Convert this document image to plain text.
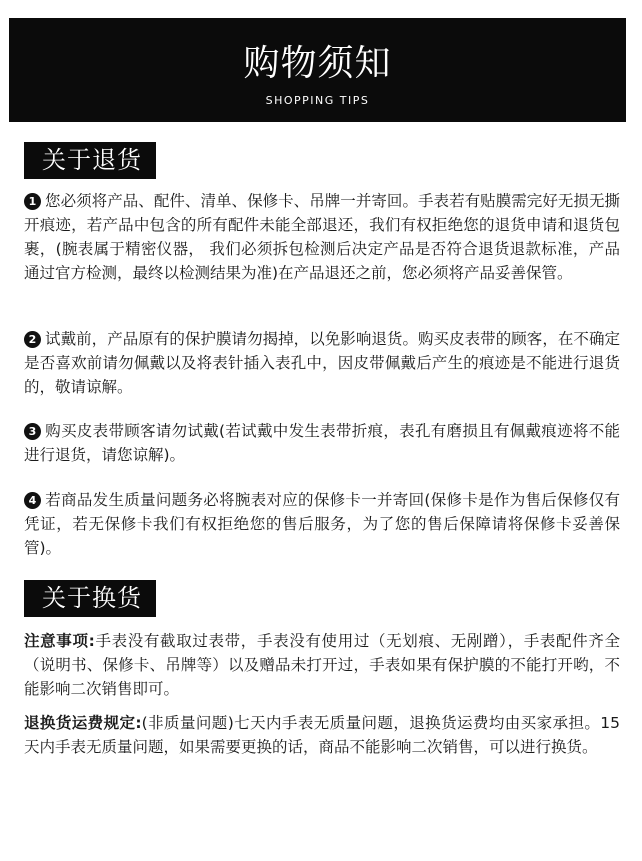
购物须知
SHOPPING TIPS
关于退货

1 您必须将产品、配件、清单、保修卡、吊牌一并寄回。手表若有贴膜需完好无损无撕开痕迹，若产品中包含的所有配件未能全部退还，我们有权拒绝您的退货申请和退货包裹，(腕表属于精密仪器， 我们必须拆包检测后决定产品是否符合退货退款标准，产品通过官方检测，最终以检测结果为准)在产品退还之前，您必须将产品妥善保管。

2 试戴前，产品原有的保护膜请勿揭掉，以免影响退货。购买皮表带的顾客，在不确定是否喜欢前请勿佩戴以及将表针插入表孔中，因皮带佩戴后产生的痕迹是不能进行退货的，敬请谅解。

3 购买皮表带顾客请勿试戴(若试戴中发生表带折痕，表孔有磨损且有佩戴痕迹将不能进行退货，请您谅解)。

4 若商品发生质量问题务必将腕表对应的保修卡一并寄回(保修卡是作为售后保修仅有凭证，若无保修卡我们有权拒绝您的售后服务，为了您的售后保障请将保修卡妥善保管)。

关于换货

注意事项:手表没有截取过表带，手表没有使用过（无划痕、无剐蹭），手表配件齐全（说明书、保修卡、吊牌等）以及赠品未打开过，手表如果有保护膜的不能打开哟，不能影响二次销售即可。

退换货运费规定:(非质量问题)七天内手表无质量问题，退换货运费均由买家承担。15天内手表无质量问题，如果需要更换的话，商品不能影响二次销售，可以进行换货。
